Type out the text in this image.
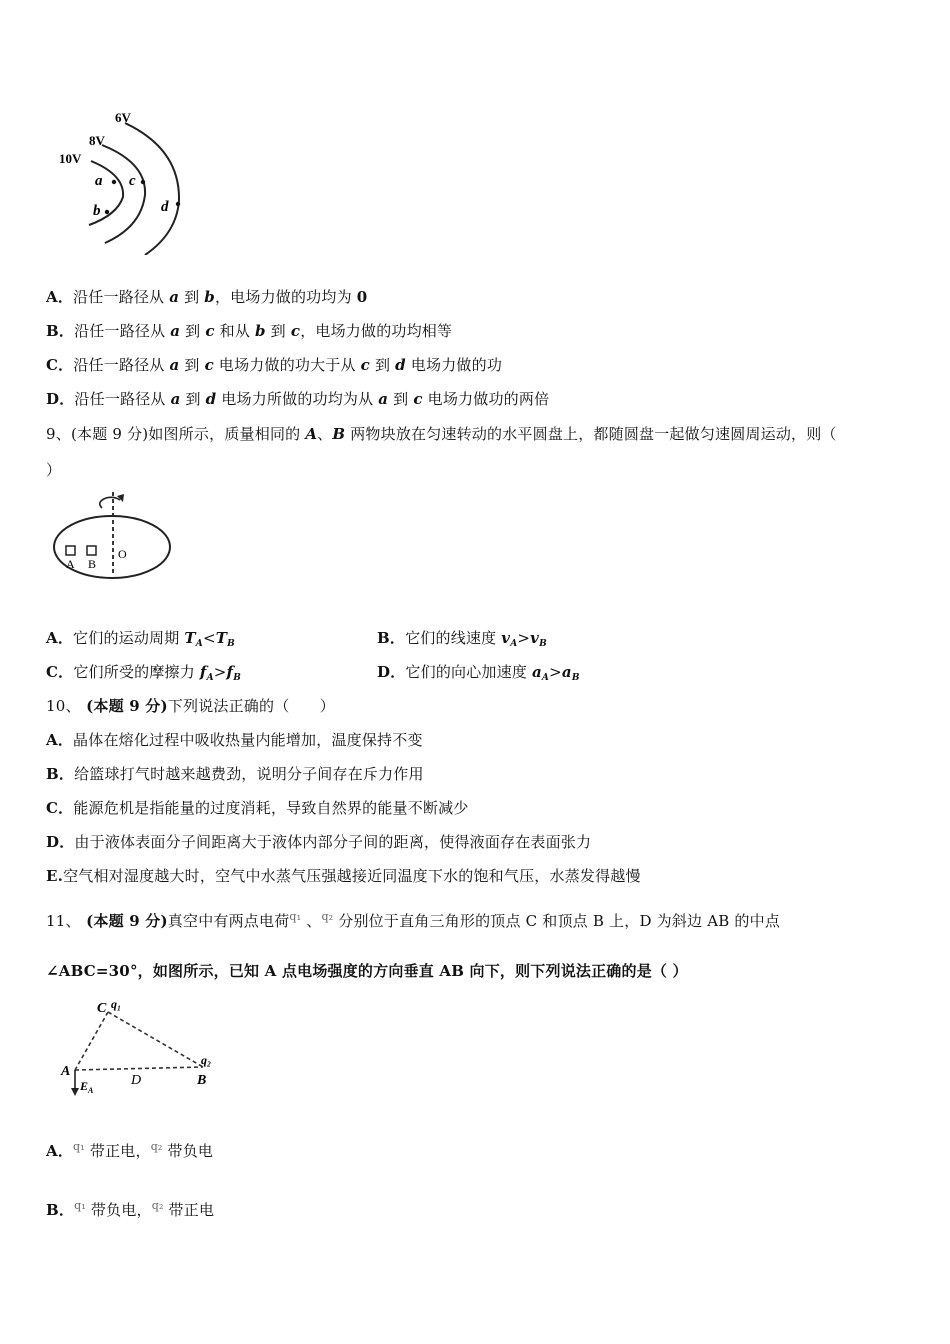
6V
8V
10V
a
b
c
d
A．沿任一路径从 a 到 b，电场力做的功均为 0
B．沿任一路径从 a 到 c 和从 b 到 c，电场力做的功均相等
C．沿任一路径从 a 到 c 电场力做的功大于从 c 到 d 电场力做的功
D．沿任一路径从 a 到 d 电场力所做的功均为从 a 到 c 电场力做功的两倍
9、(本题 9 分)如图所示，质量相同的 A、B 两物块放在匀速转动的水平圆盘上，都随圆盘一起做匀速圆周运动，则（
）
A B
O
A．它们的运动周期 $T_A<T_B$	B．它们的线速度 $v_A>v_B$
C．它们所受的摩擦力 $f_A>f_B$	D．它们的向心加速度 $a_A>a_B$
10、 (本题 9 分)下列说法正确的（　　）
A．晶体在熔化过程中吸收热量内能增加，温度保持不变
B．给篮球打气时越来越费劲，说明分子间存在斥力作用
C．能源危机是指能量的过度消耗，导致自然界的能量不断减少
D．由于液体表面分子间距离大于液体内部分子间的距离，使得液面存在表面张力
E.空气相对湿度越大时，空气中水蒸气压强越接近同温度下水的饱和气压，水蒸发得越慢
11、 (本题 9 分)真空中有两点电荷$^{q_1}$ 、$^{q_2}$ 分别位于直角三角形的顶点 C 和顶点 B 上，D 为斜边 AB 的中点
∠ABC=30°，如图所示，已知 A 点电场强度的方向垂直 AB 向下，则下列说法正确的是（ ）
C q₁
q₂
A
D	B
$E_A$
A．$^{q_1}$ 带正电，$^{q_2}$ 带负电
B．$^{q_1}$ 带负电，$^{q_2}$ 带正电
